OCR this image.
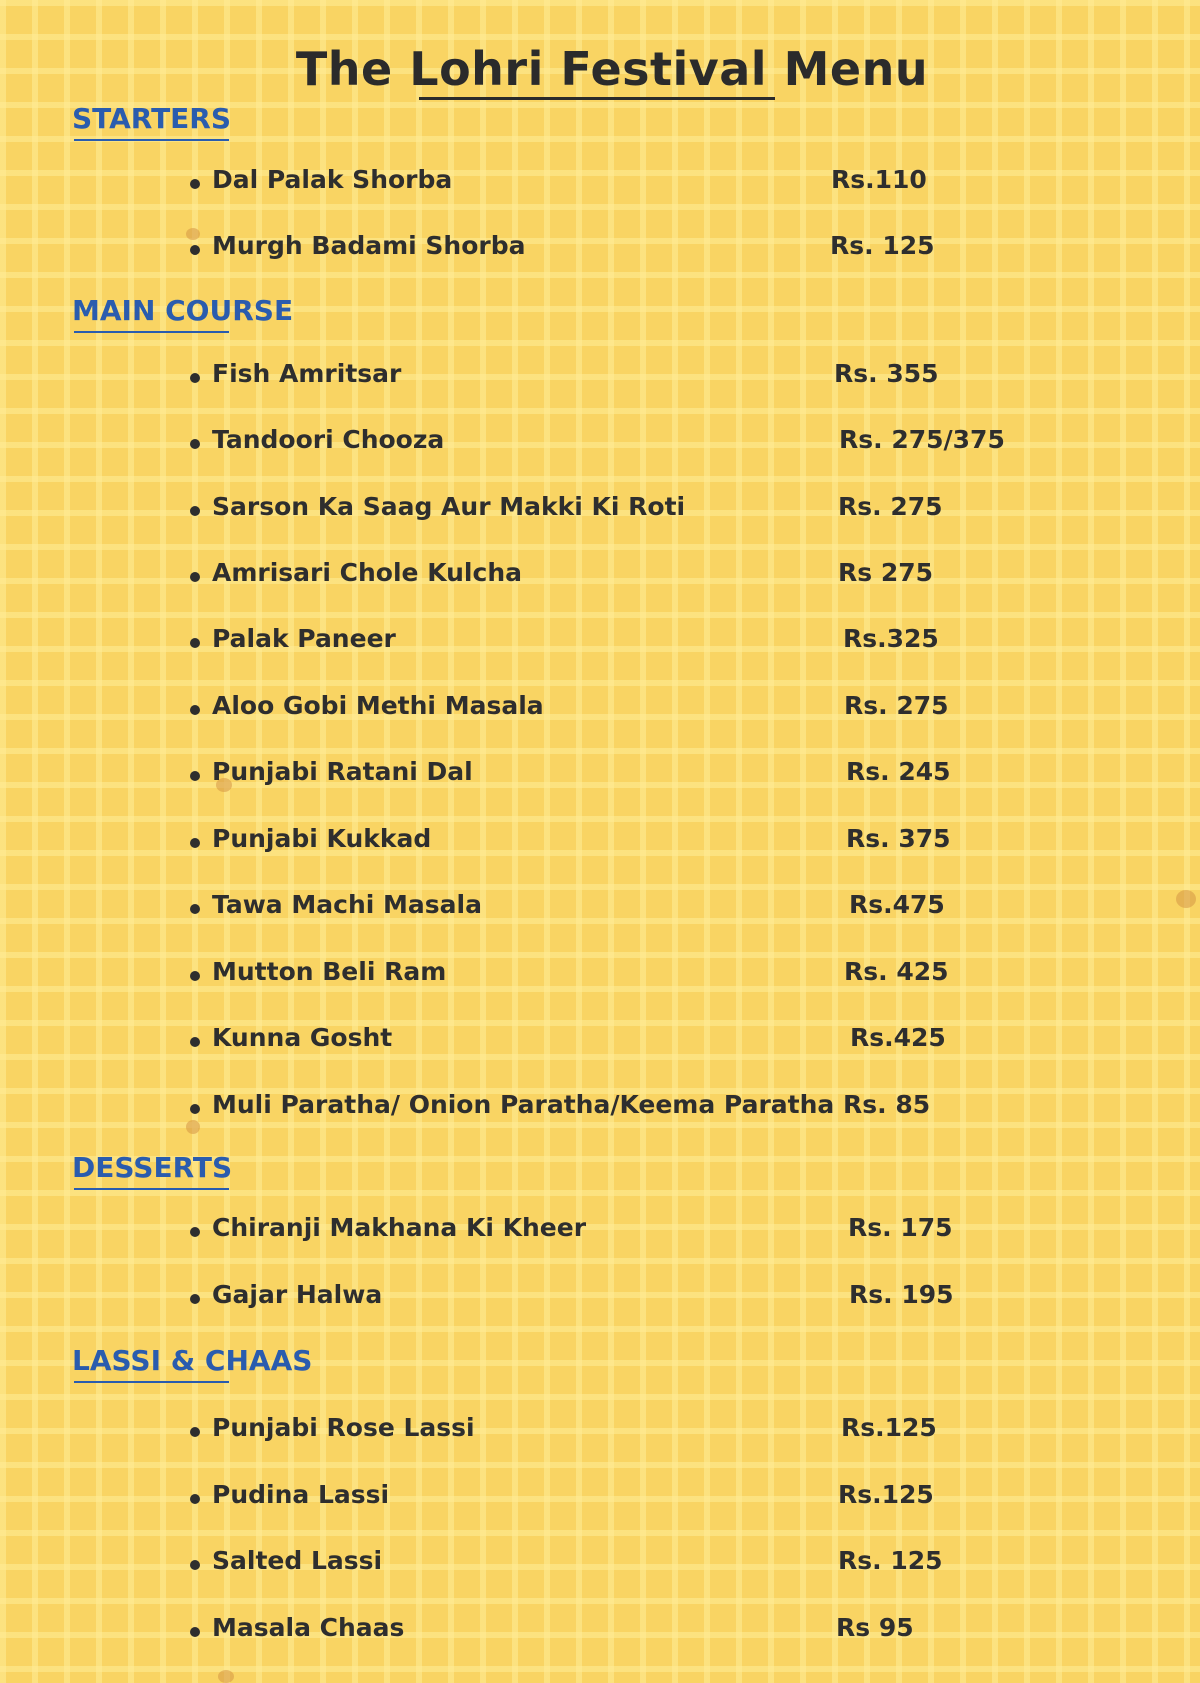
The Lohri Festival Menu
STARTERS
Dal Palak Shorba	Rs.110
Murgh Badami Shorba	Rs. 125
MAIN COURSE
Fish Amritsar	Rs. 355
Tandoori Chooza	Rs. 275/375
Sarson Ka Saag Aur Makki Ki Roti	Rs. 275
Amrisari Chole Kulcha	Rs 275
Palak Paneer	Rs.325
Aloo Gobi Methi Masala	Rs. 275
Punjabi Ratani Dal	Rs. 245
Punjabi Kukkad	Rs. 375
Tawa Machi Masala	Rs.475
Mutton Beli Ram	Rs. 425
Kunna Gosht	Rs.425
Muli Paratha/ Onion Paratha/Keema Paratha Rs. 85
DESSERTS
Chiranji Makhana Ki Kheer	Rs. 175
Gajar Halwa	Rs. 195
LASSI & CHAAS
Punjabi Rose Lassi	Rs.125
Pudina Lassi	Rs.125
Salted Lassi	Rs. 125
Masala Chaas	Rs 95
